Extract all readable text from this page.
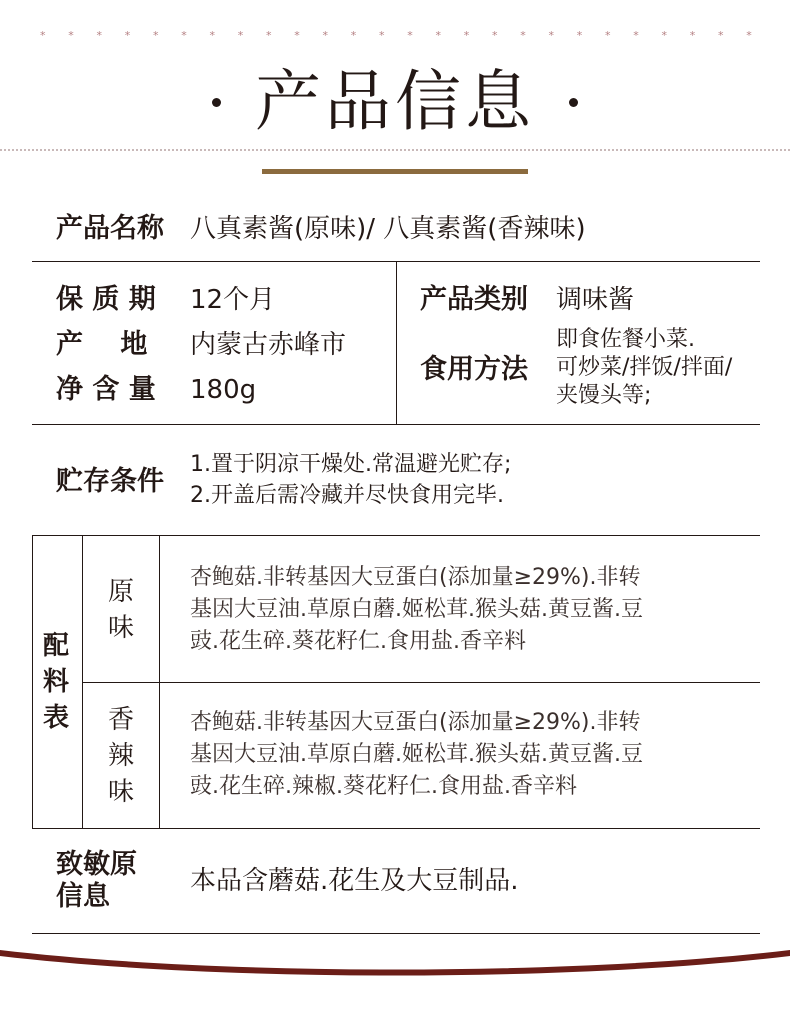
* * * * * * * * * * * * * * * * * * * * * * * * * *
产品信息
产品名称 八真素酱(原味)/ 八真素酱(香辣味)
保 质 期 12个月
产 地 内蒙古赤峰市
净 含 量 180g
产品类别 调味酱
食用方法
即食佐餐小菜.
可炒菜/拌饭/拌面/
夹馒头等;
贮存条件
1.置于阴凉干燥处.常温避光贮存;
2.开盖后需冷藏并尽快食用完毕.
配
料
表
原
味
杏鲍菇.非转基因大豆蛋白(添加量≥29%).非转
基因大豆油.草原白蘑.姬松茸.猴头菇.黄豆酱.豆
豉.花生碎.葵花籽仁.食用盐.香辛料
香
辣
味
杏鲍菇.非转基因大豆蛋白(添加量≥29%).非转
基因大豆油.草原白蘑.姬松茸.猴头菇.黄豆酱.豆
豉.花生碎.辣椒.葵花籽仁.食用盐.香辛料
致敏原
信息	本品含蘑菇.花生及大豆制品.
